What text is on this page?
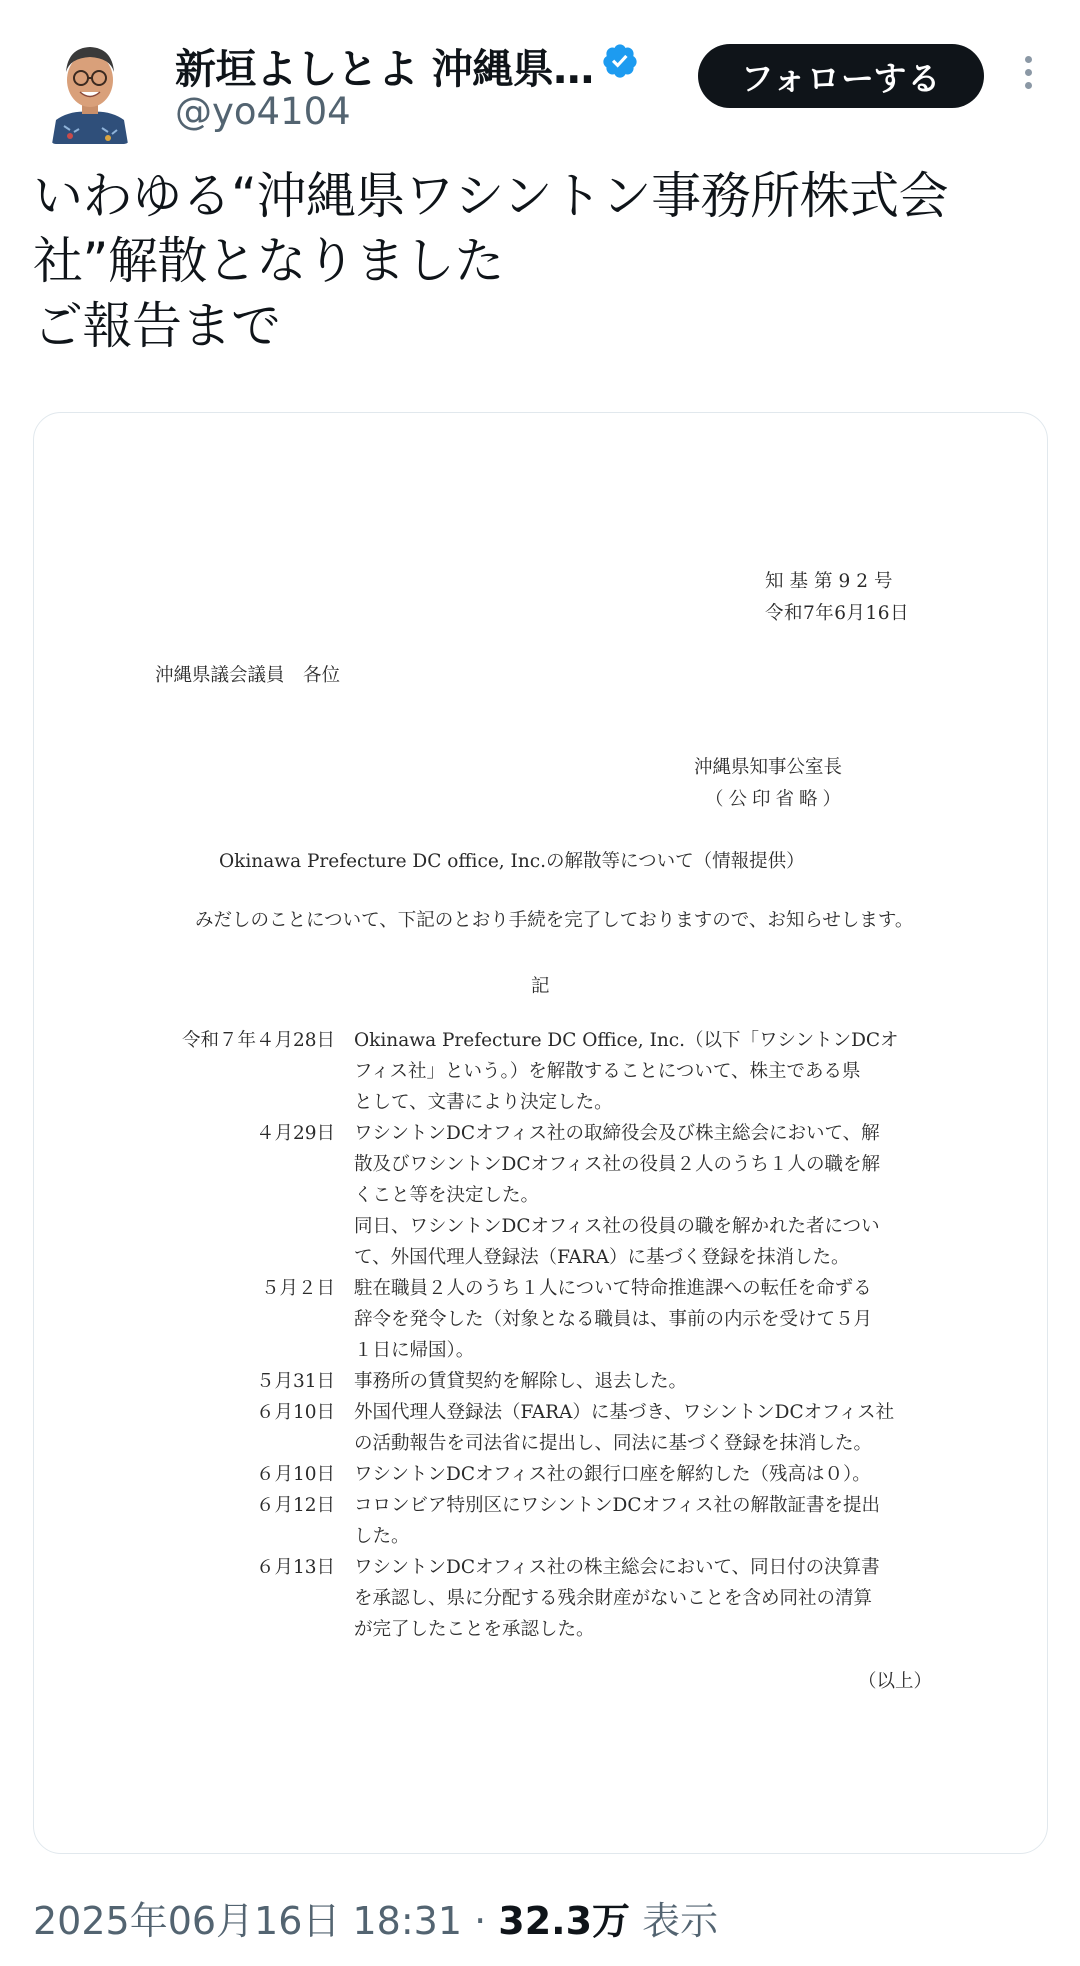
新垣よしとよ 沖縄県…
@yo4104
フォローする
いわゆる“沖縄県ワシントン事務所株式会
社”解散となりました
ご報告まで
知基第92号
令和7年6月16日
沖縄県議会議員　各位
沖縄県知事公室長
（公印省略）
Okinawa Prefecture DC office, Inc.の解散等について（情報提供）
みだしのことについて、下記のとおり手続を完了しておりますので、お知らせします。
記
令和７年４月28日	Okinawa Prefecture DC Office, Inc.（以下「ワシントンDCオ
フィス社」という。）を解散することについて、株主である県
として、文書により決定した。
４月29日	ワシントンDCオフィス社の取締役会及び株主総会において、解
散及びワシントンDCオフィス社の役員２人のうち１人の職を解
くこと等を決定した。
同日、ワシントンDCオフィス社の役員の職を解かれた者につい
て、外国代理人登録法（FARA）に基づく登録を抹消した。
５月２日	駐在職員２人のうち１人について特命推進課への転任を命ずる
辞令を発令した（対象となる職員は、事前の内示を受けて５月
１日に帰国）。
５月31日	事務所の賃貸契約を解除し、退去した。
６月10日	外国代理人登録法（FARA）に基づき、ワシントンDCオフィス社
の活動報告を司法省に提出し、同法に基づく登録を抹消した。
６月10日	ワシントンDCオフィス社の銀行口座を解約した（残高は０）。
６月12日	コロンビア特別区にワシントンDCオフィス社の解散証書を提出
した。
６月13日	ワシントンDCオフィス社の株主総会において、同日付の決算書
を承認し、県に分配する残余財産がないことを含め同社の清算
が完了したことを承認した。
（以上）
2025年06月16日 18:31 · 32.3万 表示
